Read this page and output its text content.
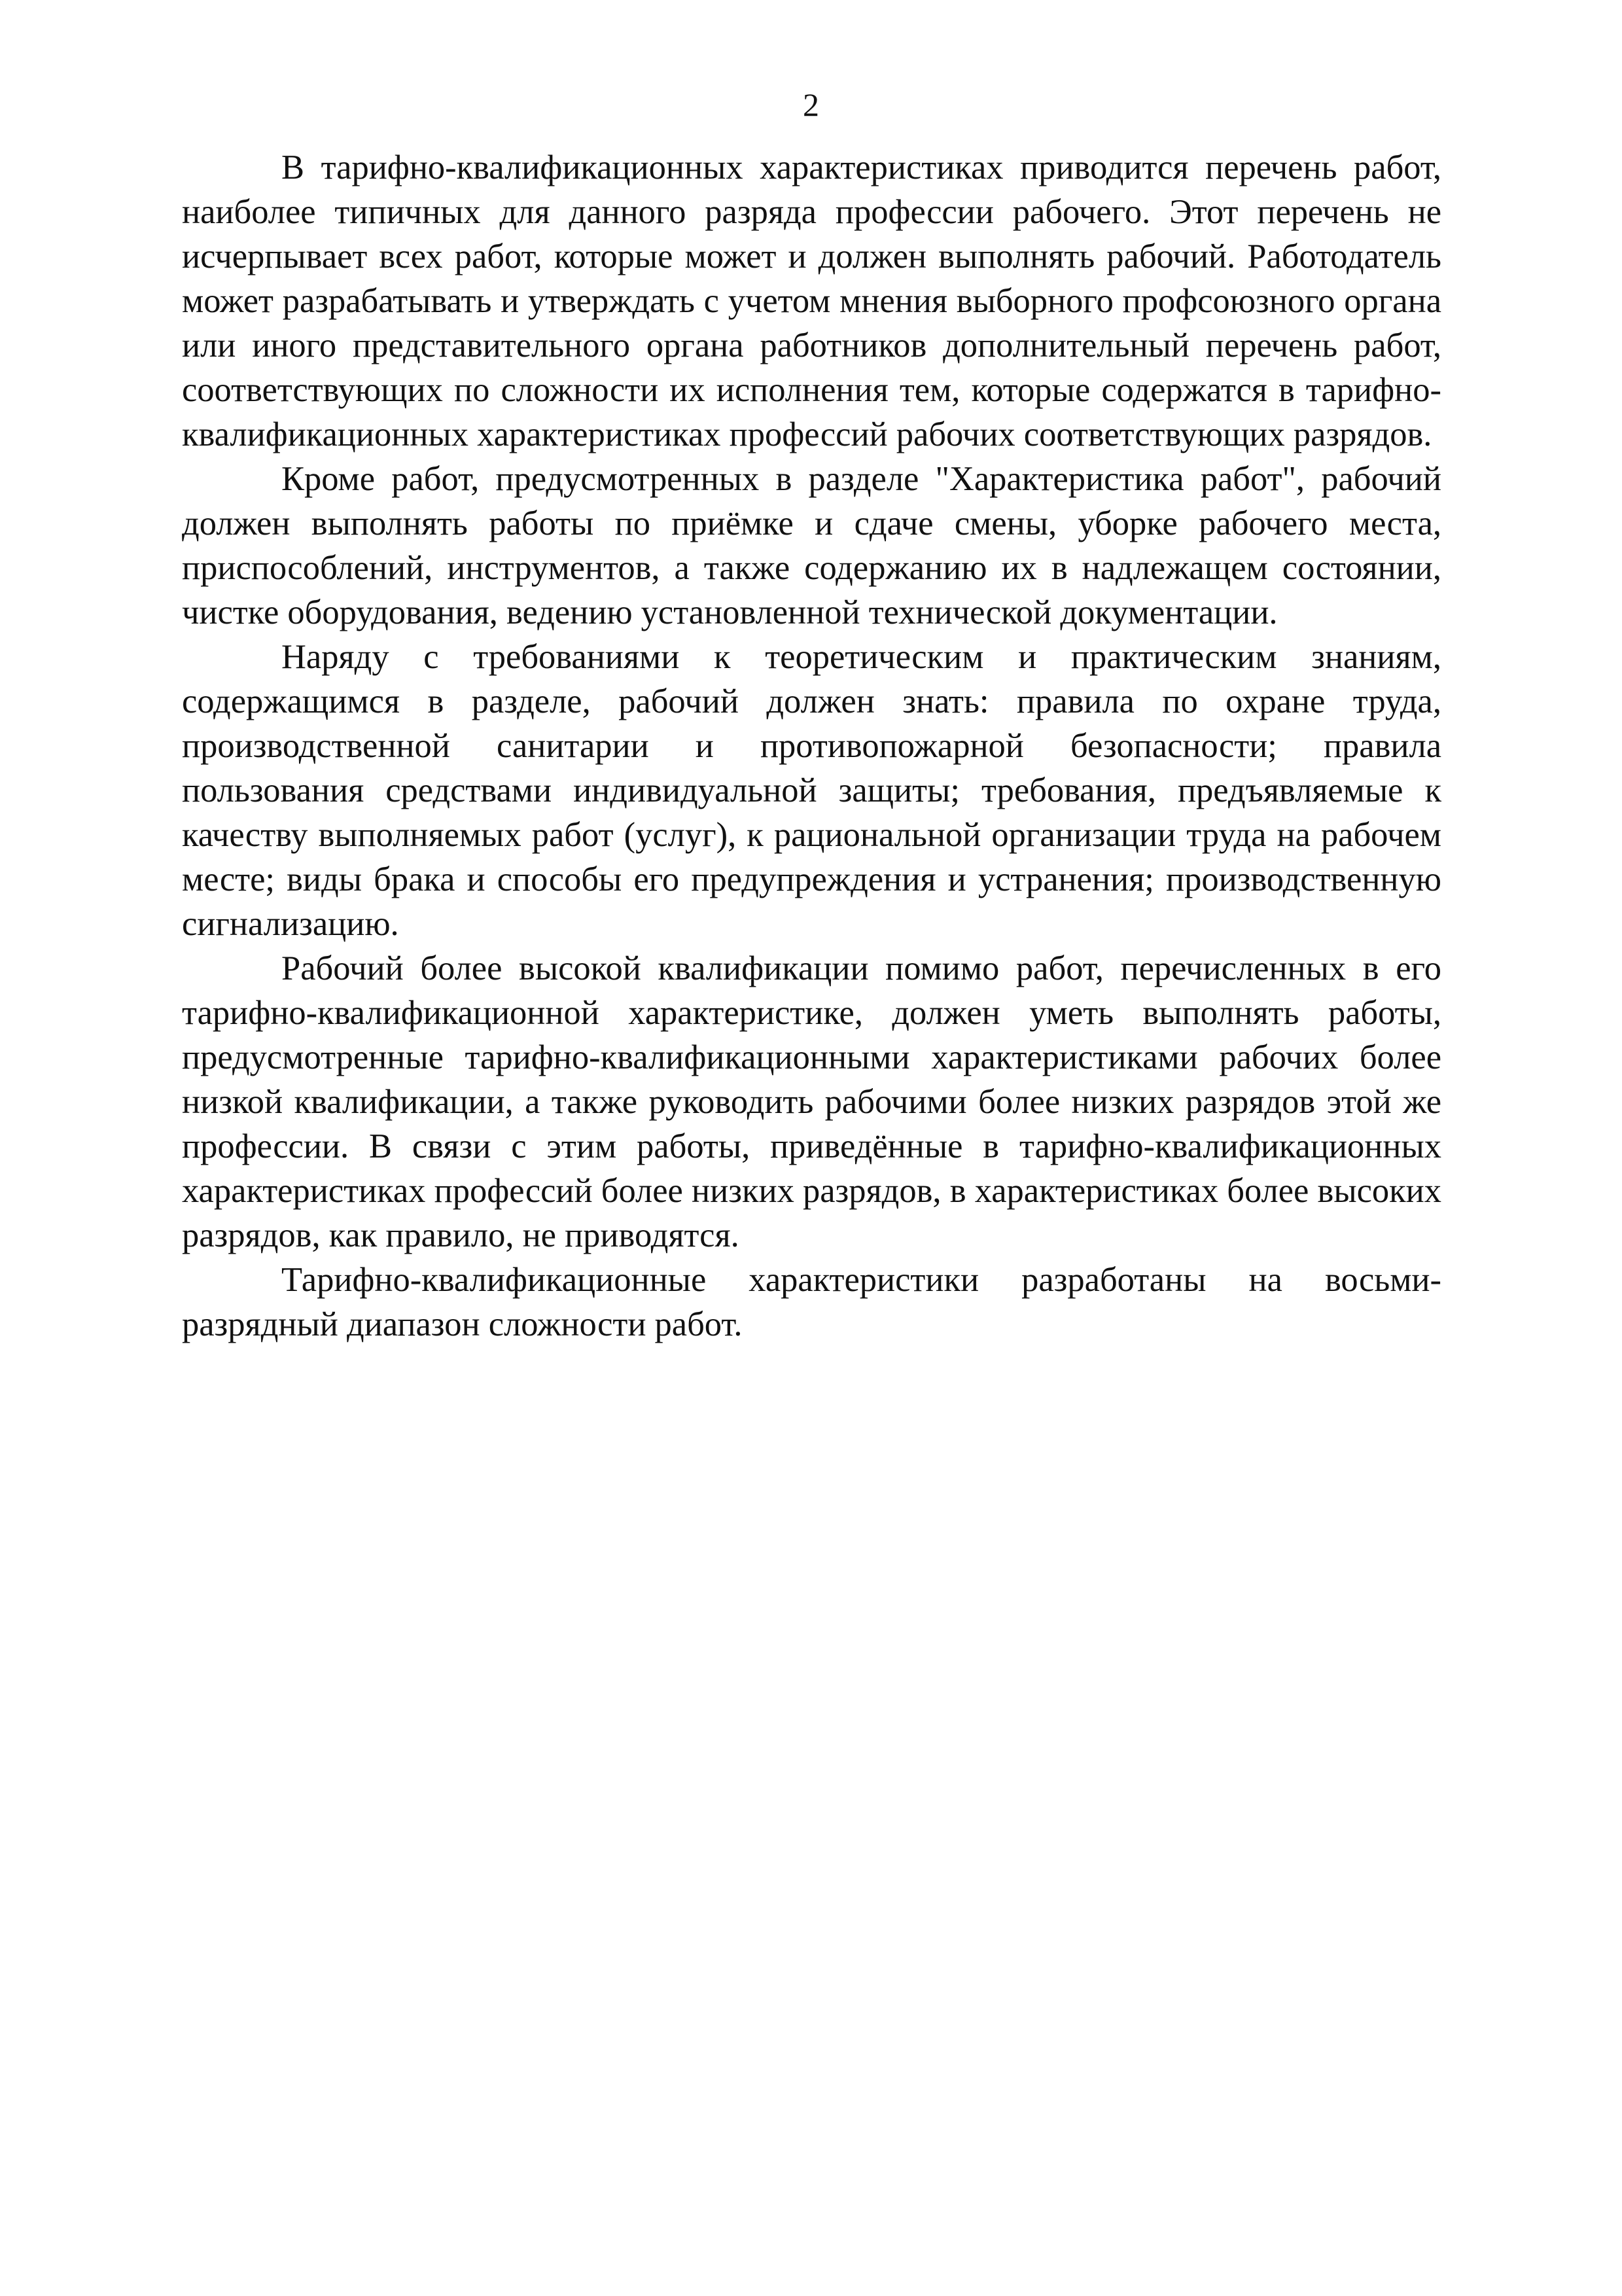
2

В тарифно-квалификационных характеристиках приводится перечень работ, наиболее типичных для данного разряда профессии рабочего. Этот перечень не исчерпывает всех работ, которые может и должен выполнять рабочий. Работодатель может разрабатывать и утверждать с учетом мнения выборного профсоюзного органа или иного представительного органа работников дополнительный перечень работ, соответствующих по сложности их исполнения тем, которые содержатся в тарифно-квалификационных характеристиках профессий рабочих соответствующих разрядов.

Кроме работ, предусмотренных в разделе "Характеристика работ", рабочий должен выполнять работы по приёмке и сдаче смены, уборке рабочего места, приспособлений, инструментов, а также содержанию их в надлежащем состоянии, чистке оборудования, ведению установленной технической документации.

Наряду с требованиями к теоретическим и практическим знаниям, содержащимся в разделе, рабочий должен знать: правила по охране труда, производственной санитарии и противопожарной безопасности; правила пользования средствами индивидуальной защиты; требования, предъявляемые к качеству выполняемых работ (услуг), к рациональной организации труда на рабочем месте; виды брака и способы его предупреждения и устранения; производственную сигнализацию.

Рабочий более высокой квалификации помимо работ, перечисленных в его тарифно-квалификационной характеристике, должен уметь выполнять работы, предусмотренные тарифно-квалификационными характеристиками рабочих более низкой квалификации, а также руководить рабочими более низких разрядов этой же профессии. В связи с этим работы, приведённые в тарифно-квалификационных характеристиках профессий более низких разрядов, в характеристиках более высоких разрядов, как правило, не приводятся.

Тарифно-квалификационные характеристики разработаны на восьмиразрядный диапазон сложности работ.
